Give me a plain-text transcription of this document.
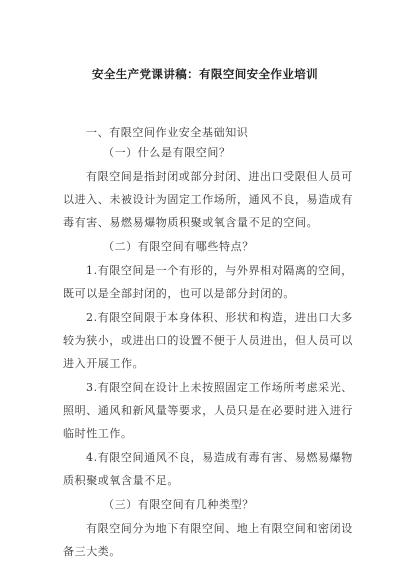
安全生产党课讲稿：有限空间安全作业培训
一、有限空间作业安全基础知识
（一）什么是有限空间？
有限空间是指封闭或部分封闭、进出口受限但人员可
以进入、未被设计为固定工作场所，通风不良，易造成有
毒有害、易燃易爆物质积聚或氧含量不足的空间。
（二）有限空间有哪些特点？
1.有限空间是一个有形的，与外界相对隔离的空间，
既可以是全部封闭的，也可以是部分封闭的。
2.有限空间限于本身体积、形状和构造，进出口大多
较为狭小，或进出口的设置不便于人员进出，但人员可以
进入开展工作。
3.有限空间在设计上未按照固定工作场所考虑采光、
照明、通风和新风量等要求，人员只是在必要时进入进行
临时性工作。
4.有限空间通风不良，易造成有毒有害、易燃易爆物
质积聚或氧含量不足。
（三）有限空间有几种类型？
有限空间分为地下有限空间、地上有限空间和密闭设
备三大类。
